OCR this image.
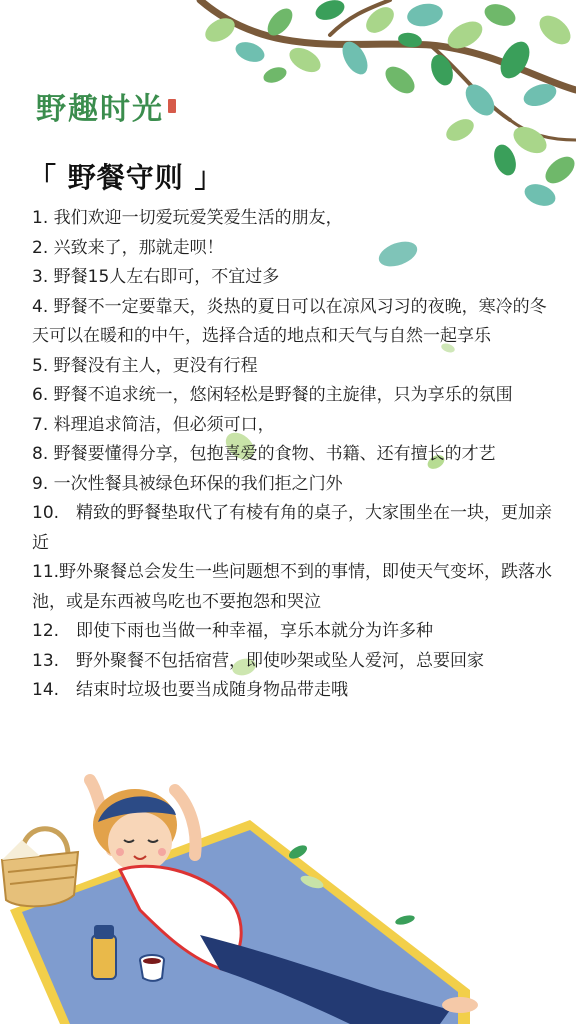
野趣时光
「 野餐守则 」
1. 我们欢迎一切爱玩爱笑爱生活的朋友，
2. 兴致来了，那就走呗！
3. 野餐15人左右即可，不宜过多
4. 野餐不一定要靠天，炎热的夏日可以在凉风习习的夜晚，寒冷的冬天可以在暖和的中午，选择合适的地点和天气与自然一起享乐
5. 野餐没有主人，更没有行程
6. 野餐不追求统一，悠闲轻松是野餐的主旋律，只为享乐的氛围
7. 料理追求简洁，但必须可口，
8. 野餐要懂得分享，包抱喜爱的食物、书籍、还有擅长的才艺
9. 一次性餐具被绿色环保的我们拒之门外
10.　精致的野餐垫取代了有棱有角的桌子，大家围坐在一块，更加亲近
11.野外聚餐总会发生一些问题想不到的事情，即使天气变坏，跌落水池，或是东西被鸟吃也不要抱怨和哭泣
12.　即使下雨也当做一种幸福，享乐本就分为许多种
13.　野外聚餐不包括宿营，即使吵架或坠人爱河，总要回家
14.　结束时垃圾也要当成随身物品带走哦
